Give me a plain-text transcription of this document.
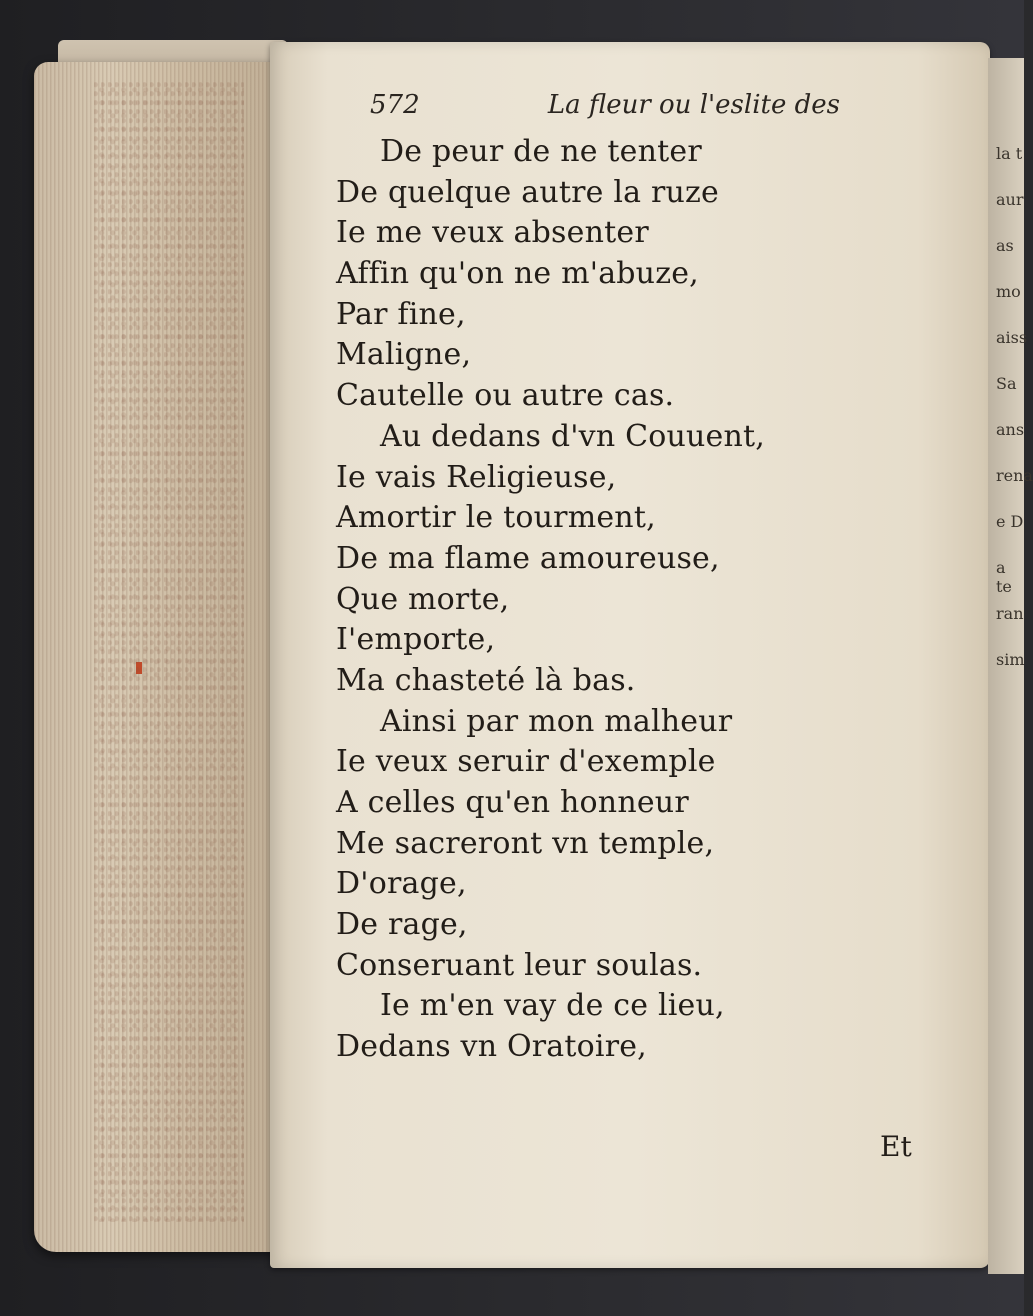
la t
aur
as
mo
aiss
Sa
ans
rena
e D
a te
ran
sim
572	La fleur ou l'eslite des
De peur de ne tenter
De quelque autre la ruze
Ie me veux absenter
Affin qu'on ne m'abuze,
Par fine,
Maligne,
Cautelle ou autre cas.
Au dedans d'vn Couuent,
Ie vais Religieuse,
Amortir le tourment,
De ma flame amoureuse,
Que morte,
I'emporte,
Ma chasteté là bas.
Ainsi par mon malheur
Ie veux seruir d'exemple
A celles qu'en honneur
Me sacreront vn temple,
D'orage,
De rage,
Conseruant leur soulas.
Ie m'en vay de ce lieu,
Dedans vn Oratoire,
Et
